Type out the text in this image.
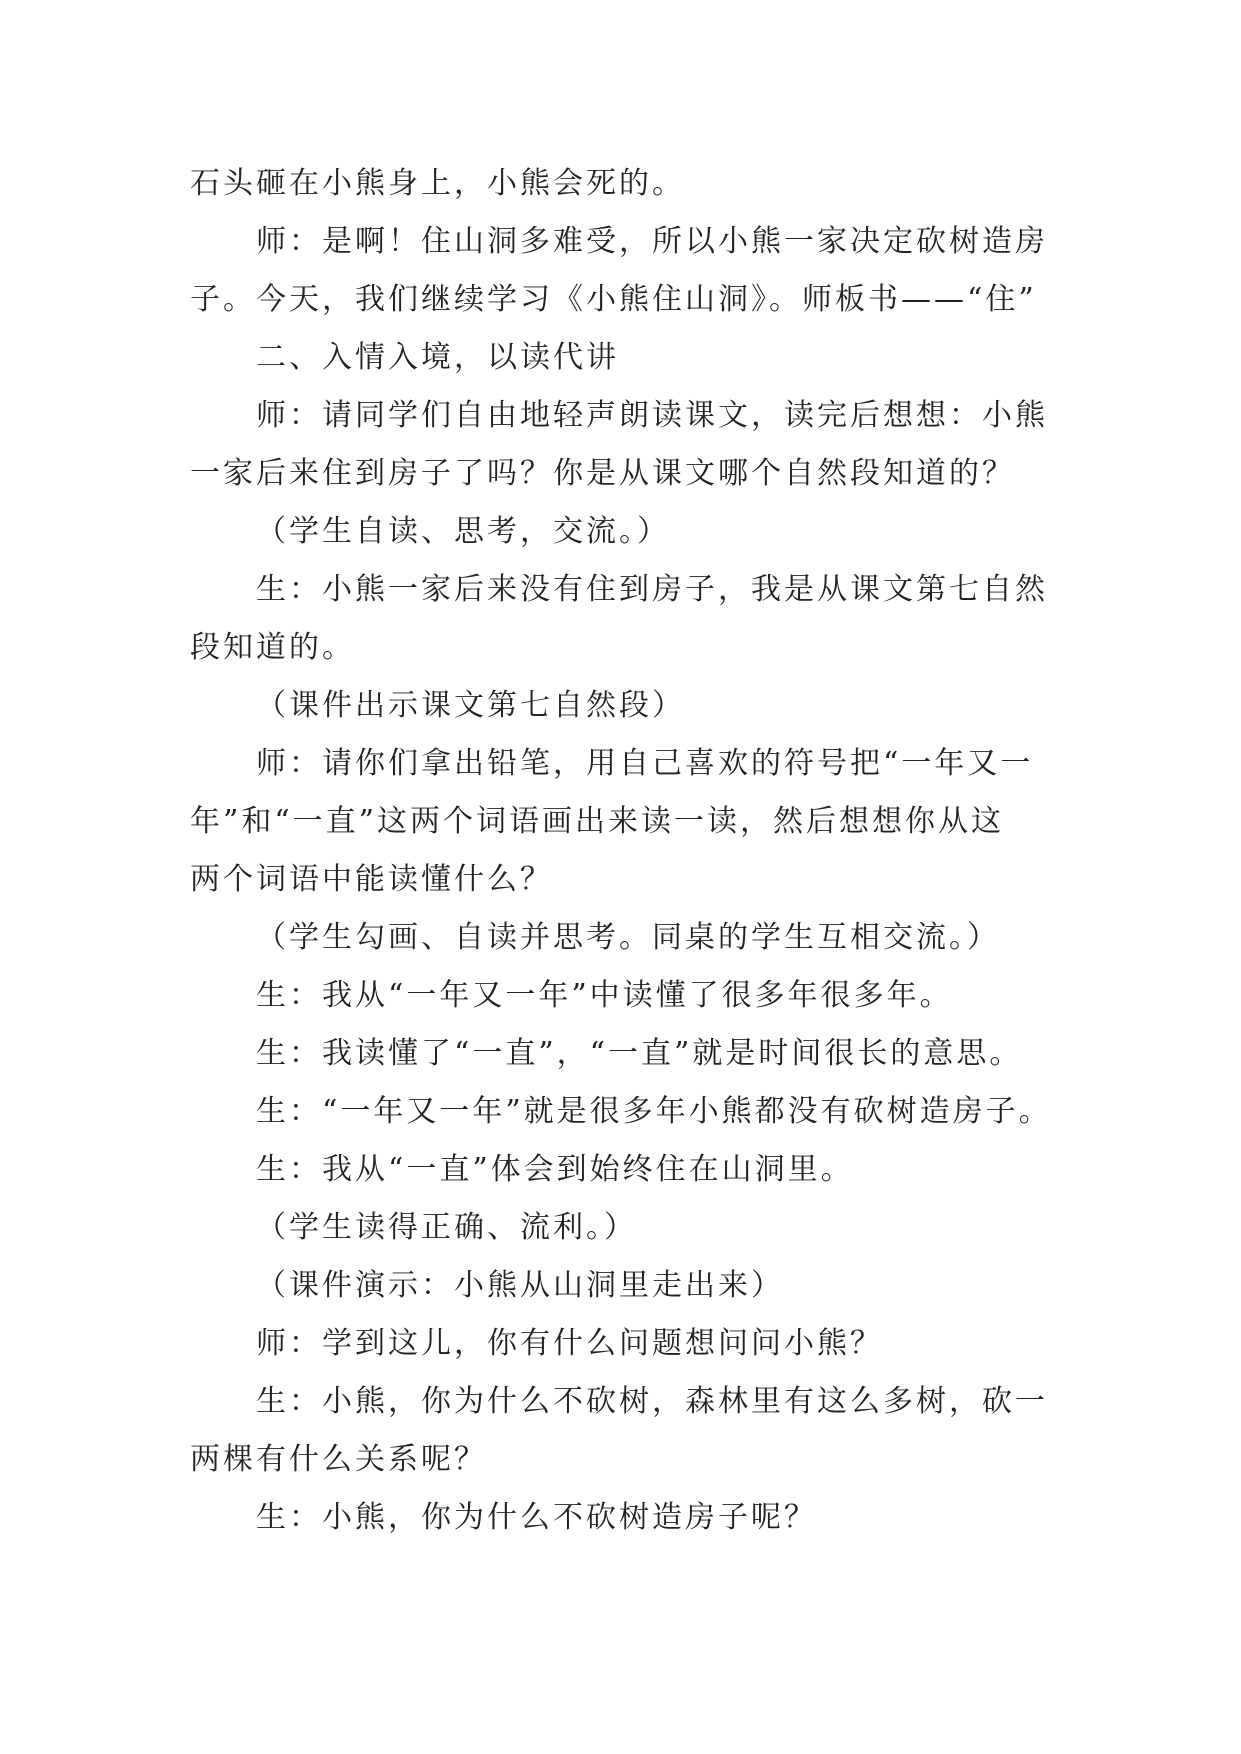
石头砸在小熊身上，小熊会死的。
师：是啊！住山洞多难受，所以小熊一家决定砍树造房
子。今天，我们继续学习《小熊住山洞》。师板书——“住”
二、入情入境，以读代讲
师：请同学们自由地轻声朗读课文，读完后想想：小熊
一家后来住到房子了吗？你是从课文哪个自然段知道的？
（学生自读、思考，交流。）
生：小熊一家后来没有住到房子，我是从课文第七自然
段知道的。
（课件出示课文第七自然段）
师：请你们拿出铅笔，用自己喜欢的符号把“一年又一
年”和“一直”这两个词语画出来读一读，然后想想你从这
两个词语中能读懂什么？
（学生勾画、自读并思考。同桌的学生互相交流。）
生：我从“一年又一年”中读懂了很多年很多年。
生：我读懂了“一直”，“一直”就是时间很长的意思。
生：“一年又一年”就是很多年小熊都没有砍树造房子。
生：我从“一直”体会到始终住在山洞里。
（学生读得正确、流利。）
（课件演示：小熊从山洞里走出来）
师：学到这儿，你有什么问题想问问小熊？
生：小熊，你为什么不砍树，森林里有这么多树，砍一
两棵有什么关系呢？
生：小熊，你为什么不砍树造房子呢？
